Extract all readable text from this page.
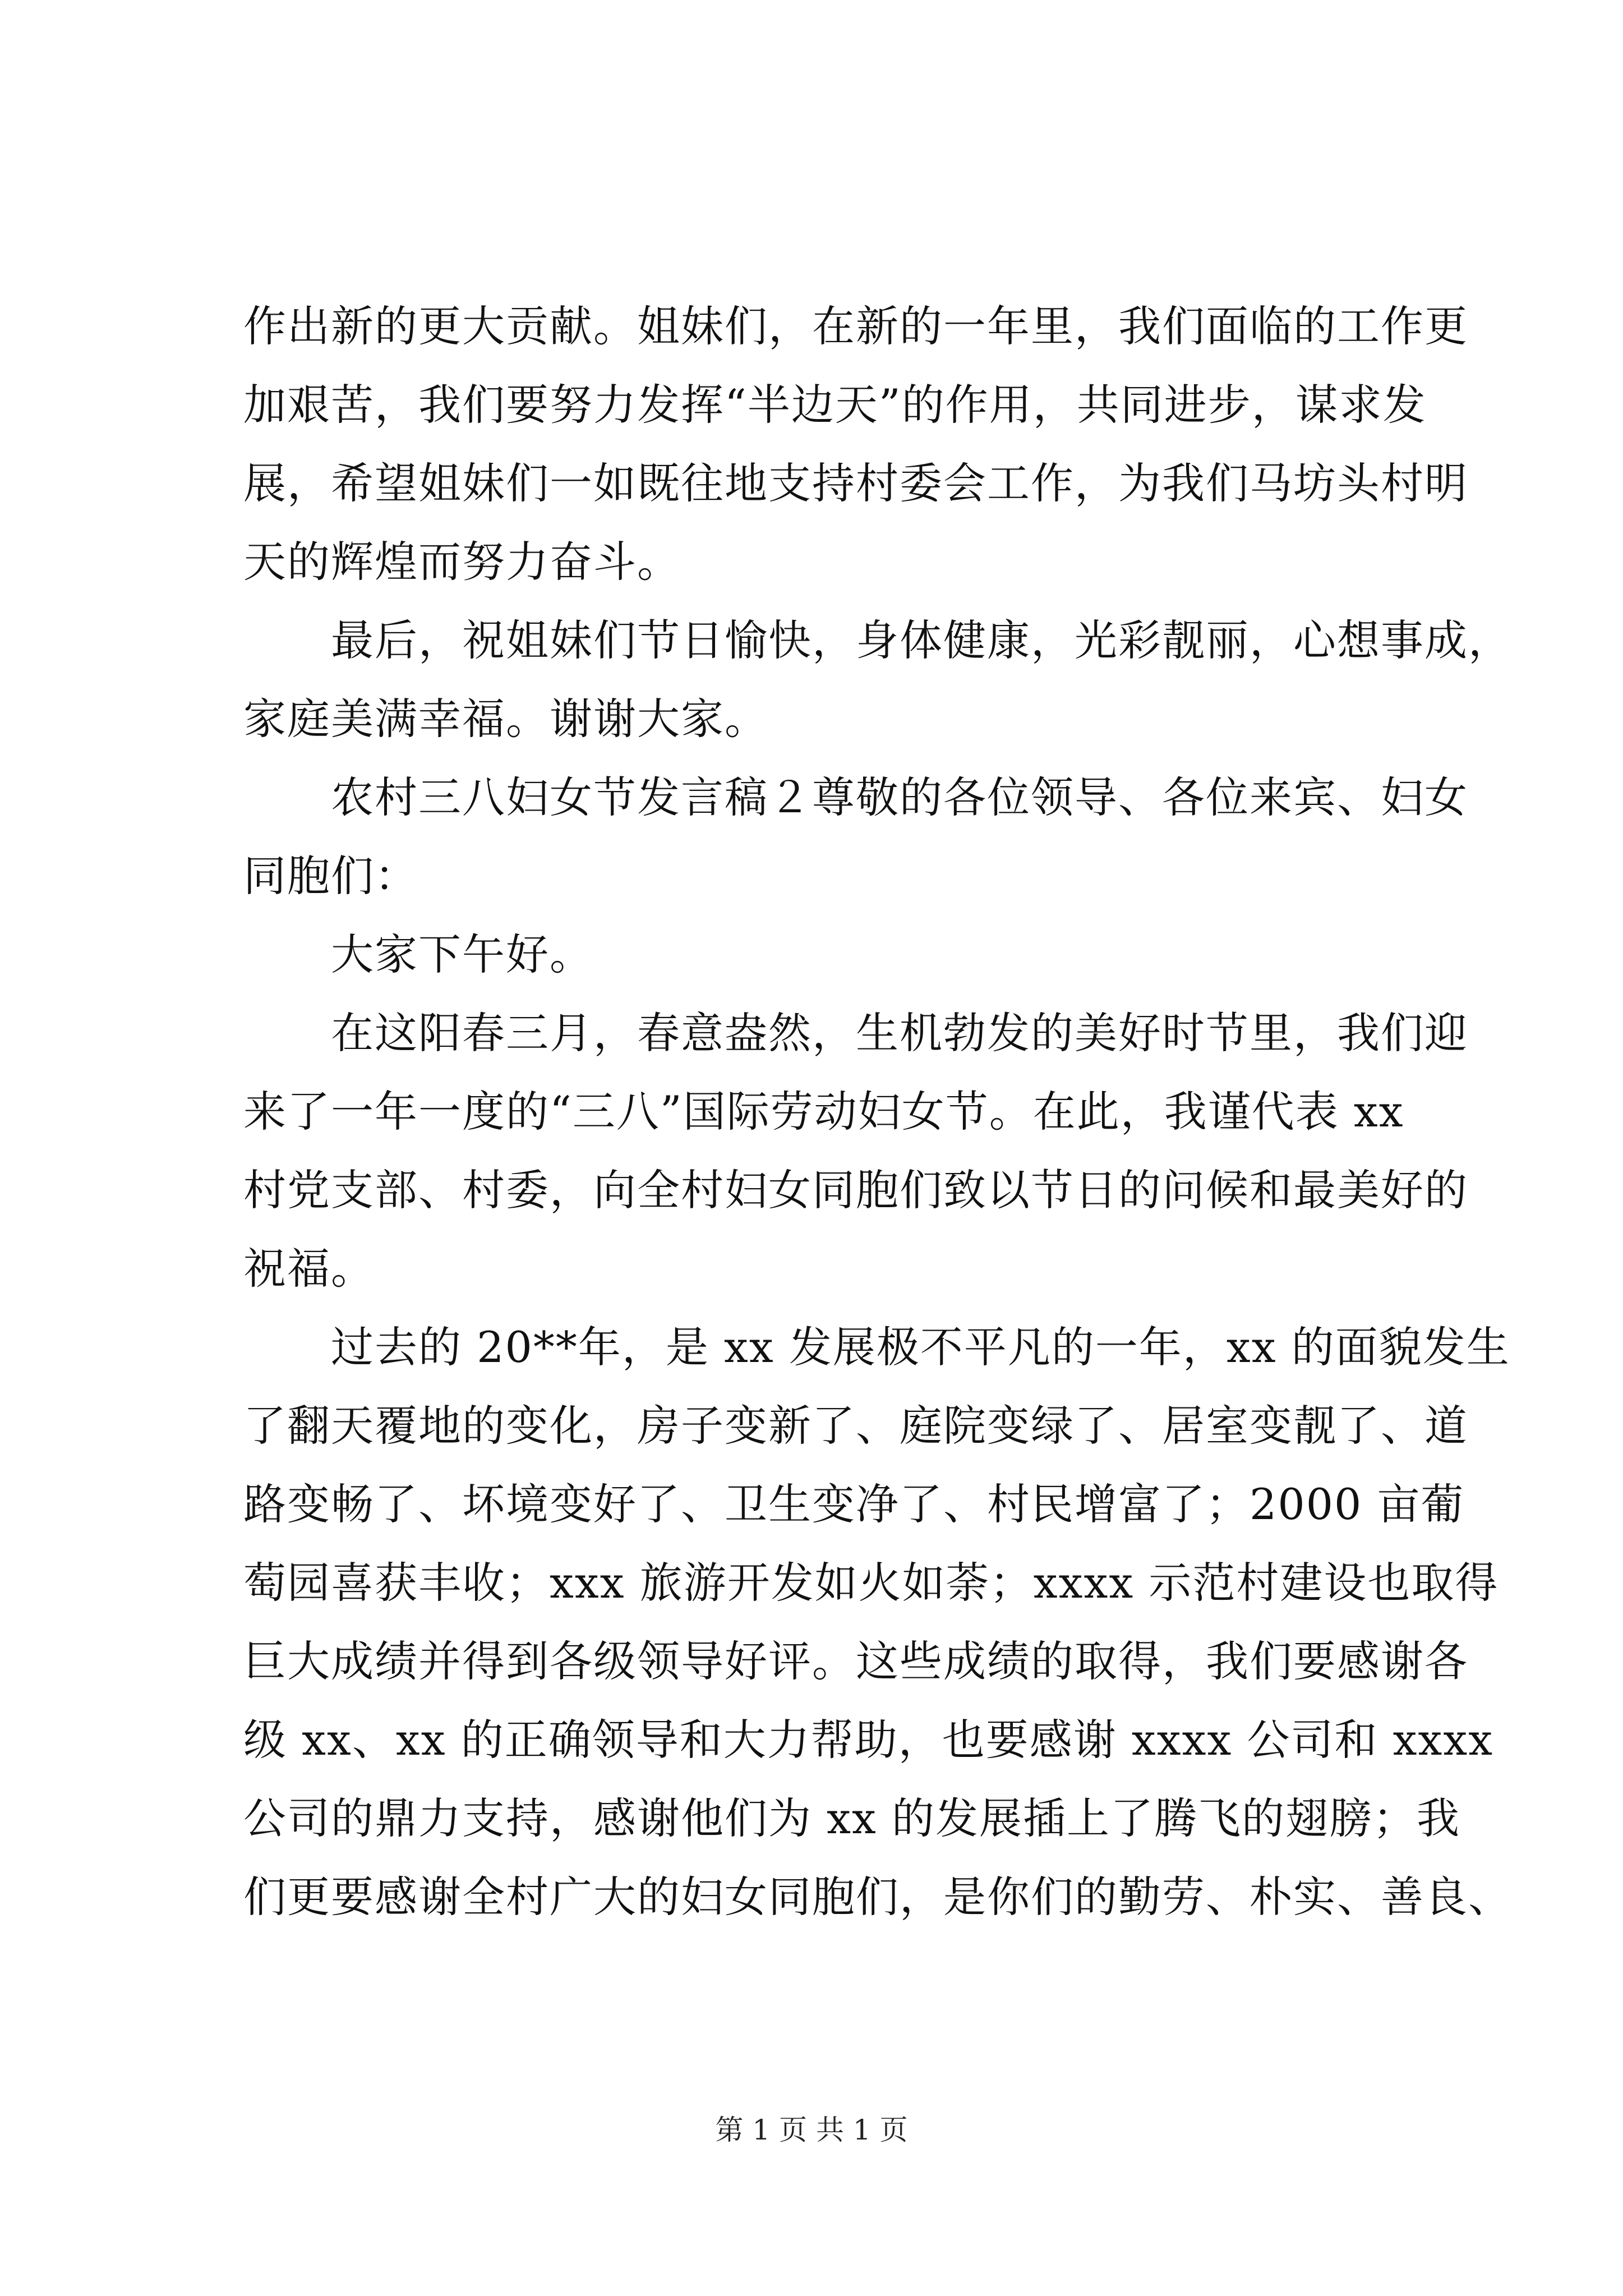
作出新的更大贡献。姐妹们，在新的一年里，我们面临的工作更
加艰苦，我们要努力发挥“半边天”的作用，共同进步，谋求发
展，希望姐妹们一如既往地支持村委会工作，为我们马坊头村明
天的辉煌而努力奋斗。
　　最后，祝姐妹们节日愉快，身体健康，光彩靓丽，心想事成，
家庭美满幸福。谢谢大家。
　　农村三八妇女节发言稿２尊敬的各位领导、各位来宾、妇女
同胞们：
　　大家下午好。
　　在这阳春三月，春意盎然，生机勃发的美好时节里，我们迎
来了一年一度的“三八”国际劳动妇女节。在此，我谨代表 xx
村党支部、村委，向全村妇女同胞们致以节日的问候和最美好的
祝福。
　　过去的 20**年，是 xx 发展极不平凡的一年，xx 的面貌发生
了翻天覆地的变化，房子变新了、庭院变绿了、居室变靓了、道
路变畅了、坏境变好了、卫生变净了、村民增富了；2000 亩葡
萄园喜获丰收；xxx 旅游开发如火如荼；xxxx 示范村建设也取得
巨大成绩并得到各级领导好评。这些成绩的取得，我们要感谢各
级 xx、xx 的正确领导和大力帮助，也要感谢 xxxx 公司和 xxxx
公司的鼎力支持，感谢他们为 xx 的发展插上了腾飞的翅膀；我
们更要感谢全村广大的妇女同胞们，是你们的勤劳、朴实、善良、
第 1 页 共 1 页
